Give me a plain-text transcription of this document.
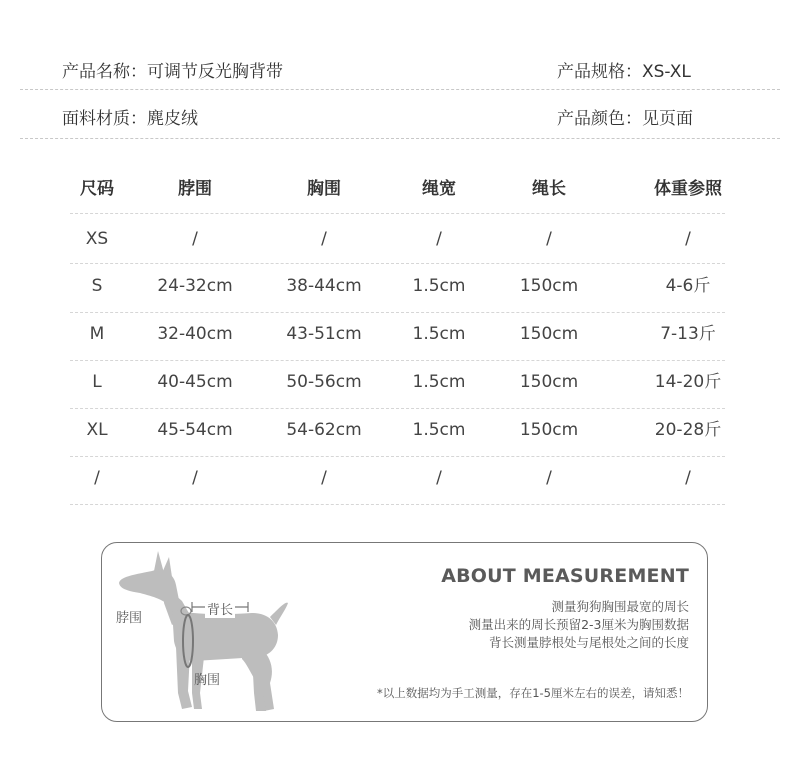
产品名称：可调节反光胸背带	产品规格：XS-XL
面料材质：麂皮绒	产品颜色：见页面
尺码	脖围	胸围	绳宽	绳长	体重参照
XS	/	/	/	/	/
S	24-32cm	38-44cm	1.5cm	150cm	4-6斤
M	32-40cm	43-51cm	1.5cm	150cm	7-13斤
L	40-45cm	50-56cm	1.5cm	150cm	14-20斤
XL	45-54cm	54-62cm	1.5cm	150cm	20-28斤
/	/	/	/	/	/
脖围
背长
胸围
ABOUT MEASUREMENT
测量狗狗胸围最宽的周长
测量出来的周长预留2-3厘米为胸围数据
背长测量脖根处与尾根处之间的长度
*以上数据均为手工测量，存在1-5厘米左右的误差，请知悉！
